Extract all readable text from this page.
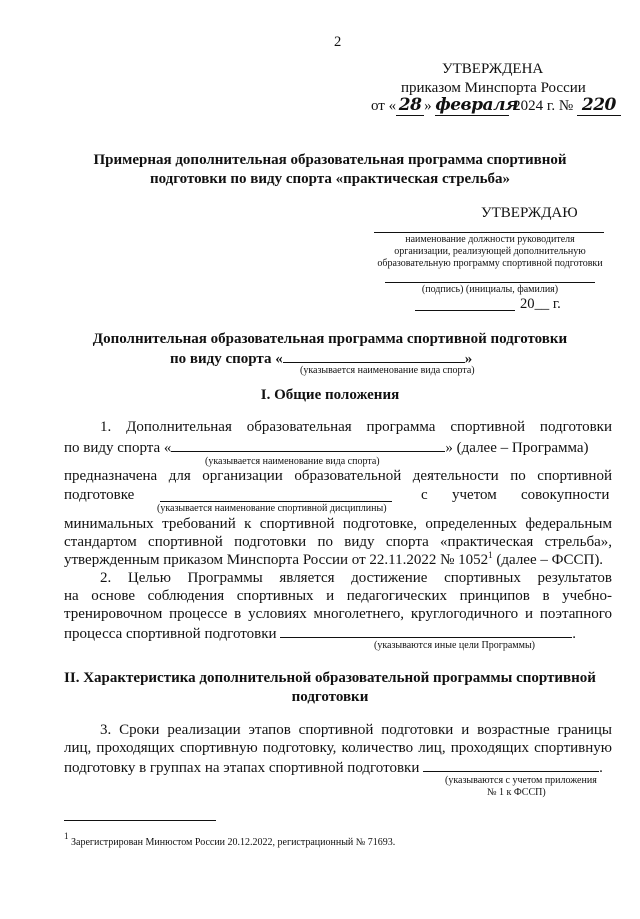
2
УТВЕРЖДЕНА
приказом Минспорта России
от « 28 » февраля 2024 г. № 220
Примерная дополнительная образовательная программа спортивной
подготовки по виду спорта «практическая стрельба»
УТВЕРЖДАЮ
наименование должности руководителя
организации, реализующей дополнительную
образовательную программу спортивной подготовки
(подпись) (инициалы, фамилия)
20__ г.
Дополнительная образовательная программа спортивной подготовки
по виду спорта «	»
(указывается наименование вида спорта)
I. Общие положения
1. Дополнительная образовательная программа спортивной подготовки
по виду спорта «	» (далее – Программа)
(указывается наименование вида спорта)
предназначена для организации образовательной деятельности по спортивной
подготовке	с учетом совокупности
(указывается наименование спортивной дисциплины)
минимальных требований к спортивной подготовке, определенных федеральным
стандартом спортивной подготовки по виду спорта «практическая стрельба»,
утвержденным приказом Минспорта России от 22.11.2022 № 1052$^1$ (далее – ФССП).
2. Целью Программы является достижение спортивных результатов
на основе соблюдения спортивных и педагогических принципов в учебно-
тренировочном процессе в условиях многолетнего, круглогодичного и поэтапного
процесса спортивной подготовки	.
(указываются иные цели Программы)
II. Характеристика дополнительной образовательной программы спортивной
подготовки
3. Сроки реализации этапов спортивной подготовки и возрастные границы
лиц, проходящих спортивную подготовку, количество лиц, проходящих спортивную
подготовку в группах на этапах спортивной подготовки	.
(указываются с учетом приложения
№ 1 к ФССП)
$^1$ Зарегистрирован Минюстом России 20.12.2022, регистрационный № 71693.
